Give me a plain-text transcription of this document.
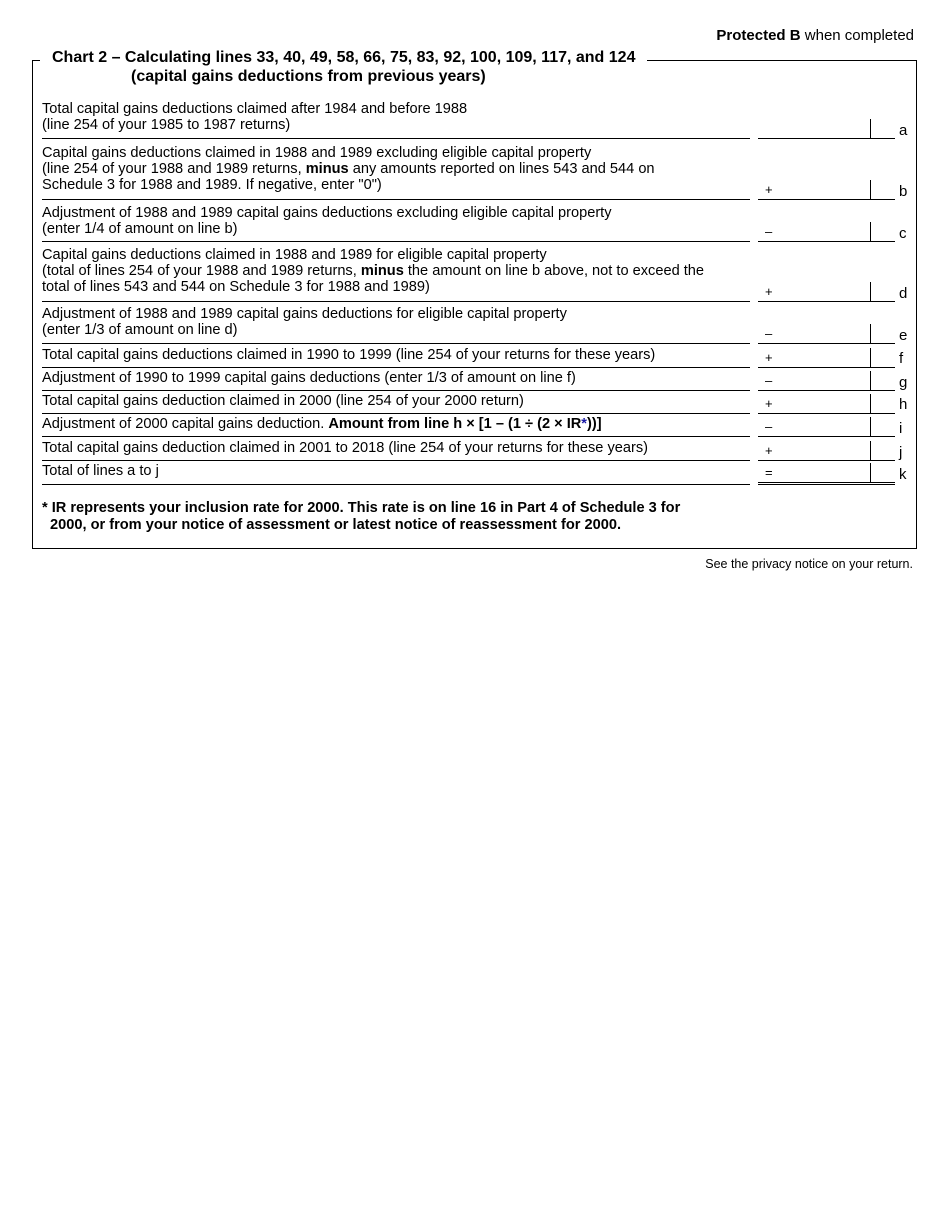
Protected B when completed
Chart 2 – Calculating lines 33, 40, 49, 58, 66, 75, 83, 92, 100, 109, 117, and 124
(capital gains deductions from previous years)
Total capital gains deductions claimed after 1984 and before 1988
(line 254 of your 1985 to 1987 returns)	a
Capital gains deductions claimed in 1988 and 1989 excluding eligible capital property
(line 254 of your 1988 and 1989 returns, minus any amounts reported on lines 543 and 544 on
Schedule 3 for 1988 and 1989. If negative, enter "0")	+	b
Adjustment of 1988 and 1989 capital gains deductions excluding eligible capital property
(enter 1/4 of amount on line b)	–	c
Capital gains deductions claimed in 1988 and 1989 for eligible capital property
(total of lines 254 of your 1988 and 1989 returns, minus the amount on line b above, not to exceed the
total of lines 543 and 544 on Schedule 3 for 1988 and 1989)	+	d
Adjustment of 1988 and 1989 capital gains deductions for eligible capital property
(enter 1/3 of amount on line d)	–	e
Total capital gains deductions claimed in 1990 to 1999 (line 254 of your returns for these years)	+	f
Adjustment of 1990 to 1999 capital gains deductions (enter 1/3 of amount on line f)	–	g
Total capital gains deduction claimed in 2000 (line 254 of your 2000 return)	+	h
Adjustment of 2000 capital gains deduction. Amount from line h × [1 – (1 ÷ (2 × IR*))]	–	i
Total capital gains deduction claimed in 2001 to 2018 (line 254 of your returns for these years)	+	j
Total of lines a to j	=	k
* IR represents your inclusion rate for 2000. This rate is on line 16 in Part 4 of Schedule 3 for
2000, or from your notice of assessment or latest notice of reassessment for 2000.
See the privacy notice on your return.
